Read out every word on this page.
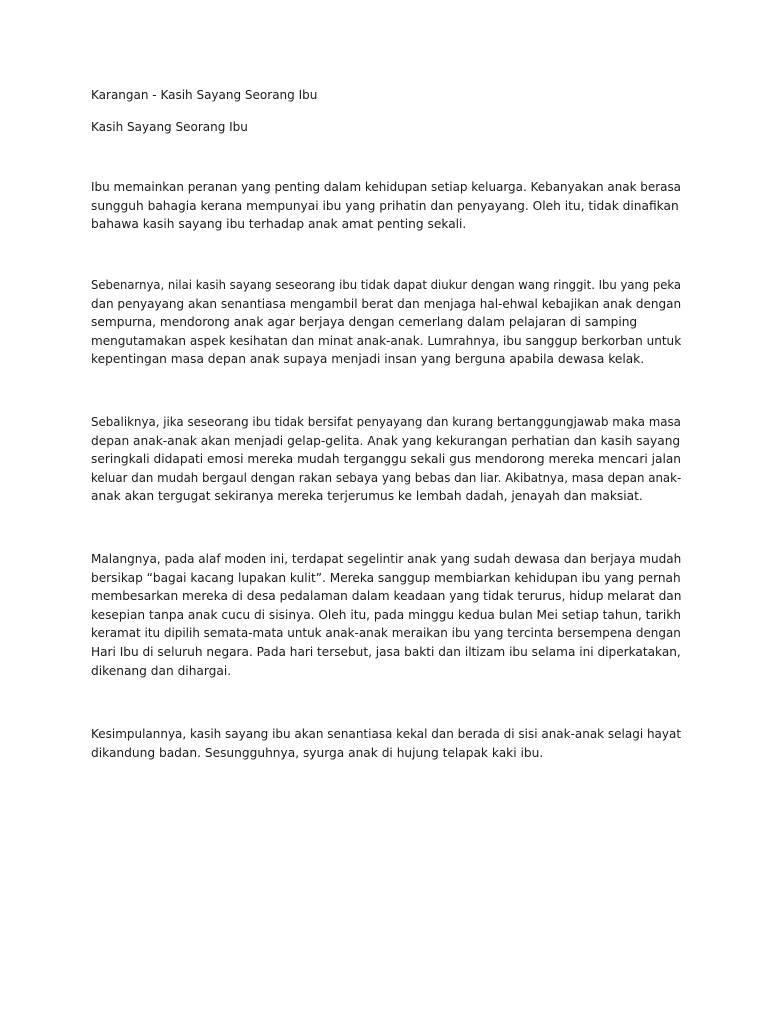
Karangan - Kasih Sayang Seorang Ibu
Kasih Sayang Seorang Ibu
Ibu memainkan peranan yang penting dalam kehidupan setiap keluarga. Kebanyakan anak berasa
sungguh bahagia kerana mempunyai ibu yang prihatin dan penyayang. Oleh itu, tidak dinafikan
bahawa kasih sayang ibu terhadap anak amat penting sekali.
Sebenarnya, nilai kasih sayang seseorang ibu tidak dapat diukur dengan wang ringgit. Ibu yang peka
dan penyayang akan senantiasa mengambil berat dan menjaga hal-ehwal kebajikan anak dengan
sempurna, mendorong anak agar berjaya dengan cemerlang dalam pelajaran di samping
mengutamakan aspek kesihatan dan minat anak-anak. Lumrahnya, ibu sanggup berkorban untuk
kepentingan masa depan anak supaya menjadi insan yang berguna apabila dewasa kelak.
Sebaliknya, jika seseorang ibu tidak bersifat penyayang dan kurang bertanggungjawab maka masa
depan anak-anak akan menjadi gelap-gelita. Anak yang kekurangan perhatian dan kasih sayang
seringkali didapati emosi mereka mudah terganggu sekali gus mendorong mereka mencari jalan
keluar dan mudah bergaul dengan rakan sebaya yang bebas dan liar. Akibatnya, masa depan anak-
anak akan tergugat sekiranya mereka terjerumus ke lembah dadah, jenayah dan maksiat.
Malangnya, pada alaf moden ini, terdapat segelintir anak yang sudah dewasa dan berjaya mudah
bersikap “bagai kacang lupakan kulit”. Mereka sanggup membiarkan kehidupan ibu yang pernah
membesarkan mereka di desa pedalaman dalam keadaan yang tidak terurus, hidup melarat dan
kesepian tanpa anak cucu di sisinya. Oleh itu, pada minggu kedua bulan Mei setiap tahun, tarikh
keramat itu dipilih semata-mata untuk anak-anak meraikan ibu yang tercinta bersempena dengan
Hari Ibu di seluruh negara. Pada hari tersebut, jasa bakti dan iltizam ibu selama ini diperkatakan,
dikenang dan dihargai.
Kesimpulannya, kasih sayang ibu akan senantiasa kekal dan berada di sisi anak-anak selagi hayat
dikandung badan. Sesungguhnya, syurga anak di hujung telapak kaki ibu.
